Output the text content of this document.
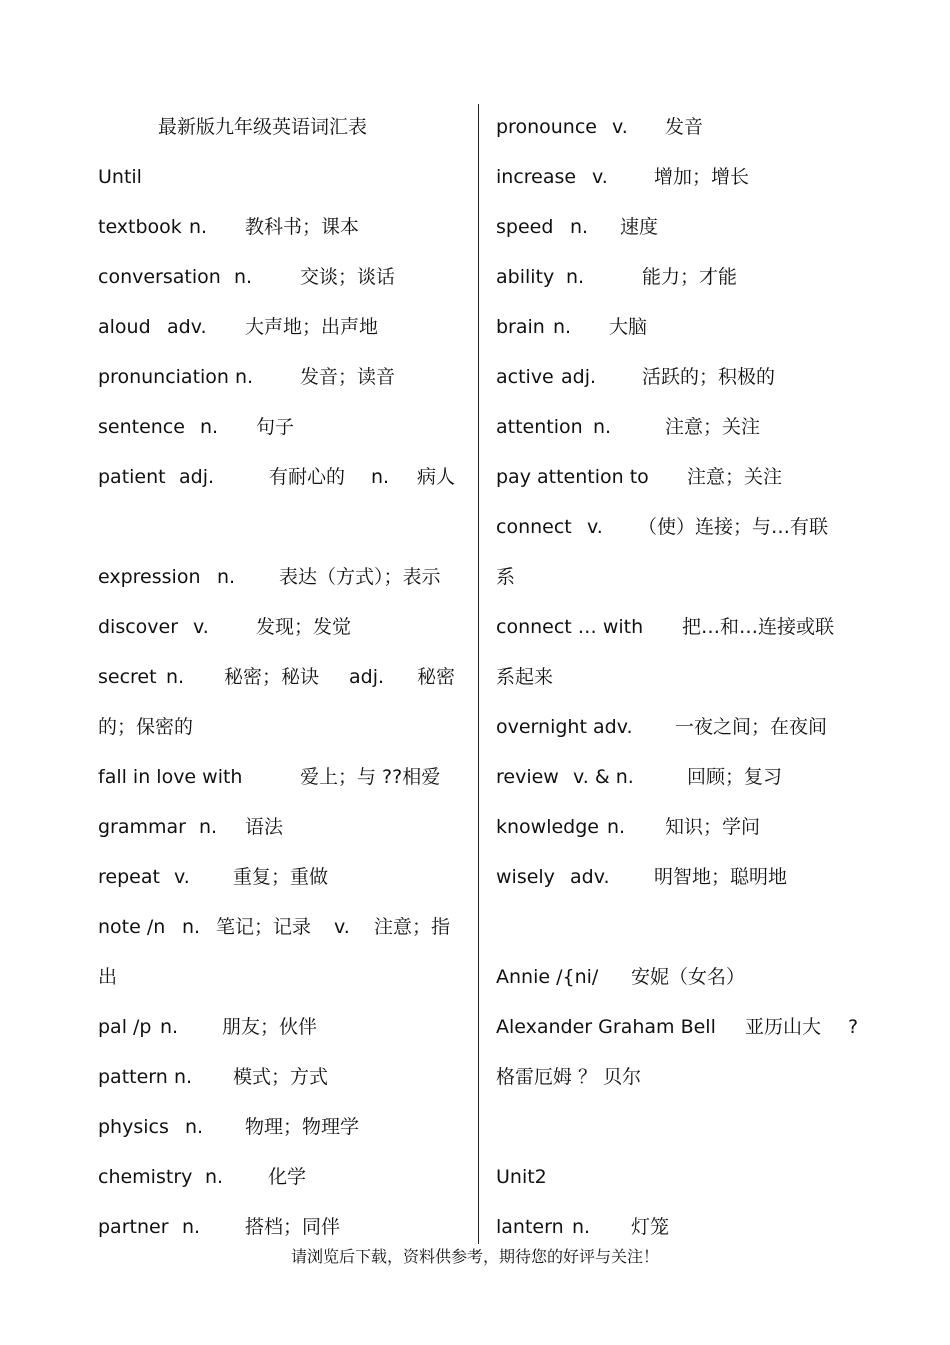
最新版九年级英语词汇表
Until
textbook n. 教科书；课本
conversation n.	交谈；谈话
aloud adv. 大声地；出声地
pronunciation n. 发音；读音
sentence n. 句子
patient adj.	有耐心的 n. 病人
expression n. 表达（方式）；表示
discover v. 发现；发觉
secret n. 秘密；秘诀 adj. 秘密
的；保密的
fall in love with	爱上；与 ??相爱
grammar n. 语法
repeat v. 重复；重做
note /n n. 笔记；记录 v. 注意；指
出
pal /p n. 朋友；伙伴
pattern n. 模式；方式
physics n. 物理；物理学
chemistry n. 化学
partner n. 搭档；同伴
pronounce v. 发音
increase v. 增加；增长
speed n. 速度
ability n.	能力；才能
brain n. 大脑
active adj. 活跃的；积极的
attention n.	注意；关注
pay attention to 注意；关注
connect v. （使）连接；与…有联
系
connect … with 把…和…连接或联
系起来
overnight adv. 一夜之间；在夜间
review v. & n.	回顾；复习
knowledge n. 知识；学问
wisely adv. 明智地；聪明地
Annie /{ni/ 安妮（女名）
Alexander Graham Bell 亚历山大 ?
格雷厄姆 ？ 贝尔
Unit2
lantern n. 灯笼
请浏览后下载，资料供参考，期待您的好评与关注！
